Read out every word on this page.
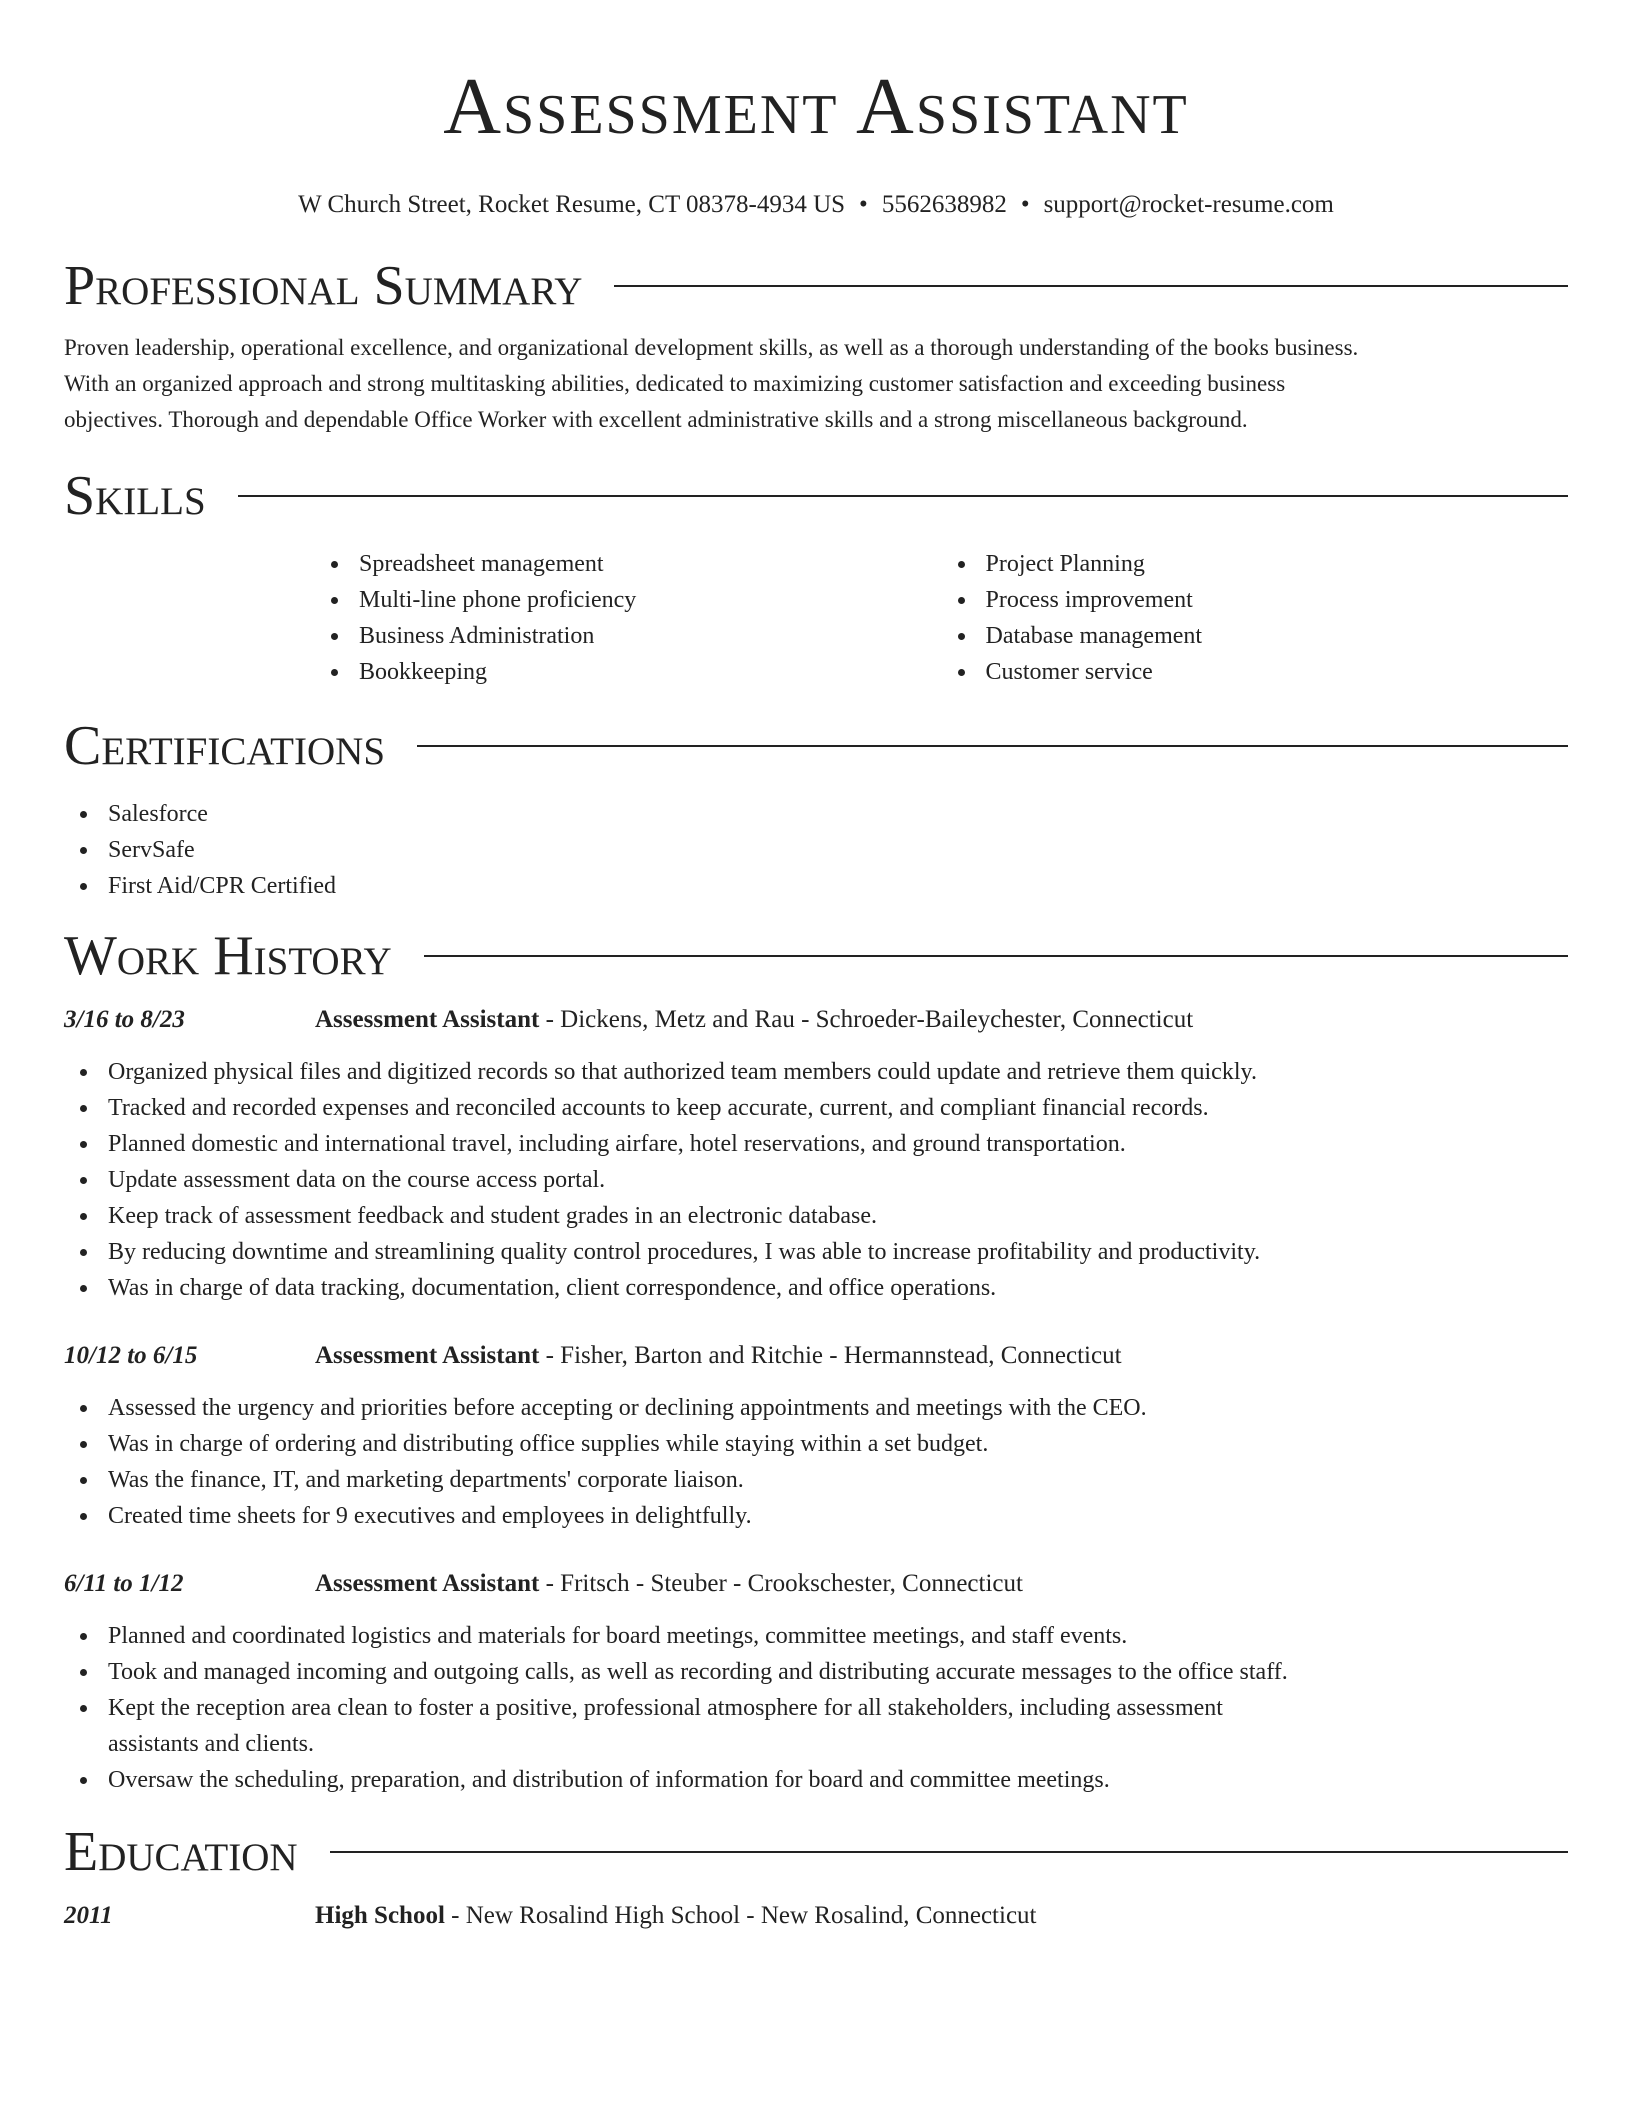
Assessment Assistant
W Church Street, Rocket Resume, CT 08378-4934 US • 5562638982 • support@rocket-resume.com
Professional Summary

Proven leadership, operational excellence, and organizational development skills, as well as a thorough understanding of the books business. With an organized approach and strong multitasking abilities, dedicated to maximizing customer satisfaction and exceeding business objectives. Thorough and dependable Office Worker with excellent administrative skills and a strong miscellaneous background.

Skills
Spreadsheet management
Multi-line phone proficiency
Business Administration
Bookkeeping
Project Planning
Process improvement
Database management
Customer service
Certifications
Salesforce
ServSafe
First Aid/CPR Certified
Work History
3/16 to 8/23	Assessment Assistant - Dickens, Metz and Rau - Schroeder-Baileychester, Connecticut
Organized physical files and digitized records so that authorized team members could update and retrieve them quickly.
Tracked and recorded expenses and reconciled accounts to keep accurate, current, and compliant financial records.
Planned domestic and international travel, including airfare, hotel reservations, and ground transportation.
Update assessment data on the course access portal.
Keep track of assessment feedback and student grades in an electronic database.
By reducing downtime and streamlining quality control procedures, I was able to increase profitability and productivity.
Was in charge of data tracking, documentation, client correspondence, and office operations.
10/12 to 6/15	Assessment Assistant - Fisher, Barton and Ritchie - Hermannstead, Connecticut
Assessed the urgency and priorities before accepting or declining appointments and meetings with the CEO.
Was in charge of ordering and distributing office supplies while staying within a set budget.
Was the finance, IT, and marketing departments' corporate liaison.
Created time sheets for 9 executives and employees in delightfully.
6/11 to 1/12	Assessment Assistant - Fritsch - Steuber - Crookschester, Connecticut
Planned and coordinated logistics and materials for board meetings, committee meetings, and staff events.
Took and managed incoming and outgoing calls, as well as recording and distributing accurate messages to the office staff.
Kept the reception area clean to foster a positive, professional atmosphere for all stakeholders, including assessment assistants and clients.
Oversaw the scheduling, preparation, and distribution of information for board and committee meetings.
Education
2011	High School - New Rosalind High School - New Rosalind, Connecticut
